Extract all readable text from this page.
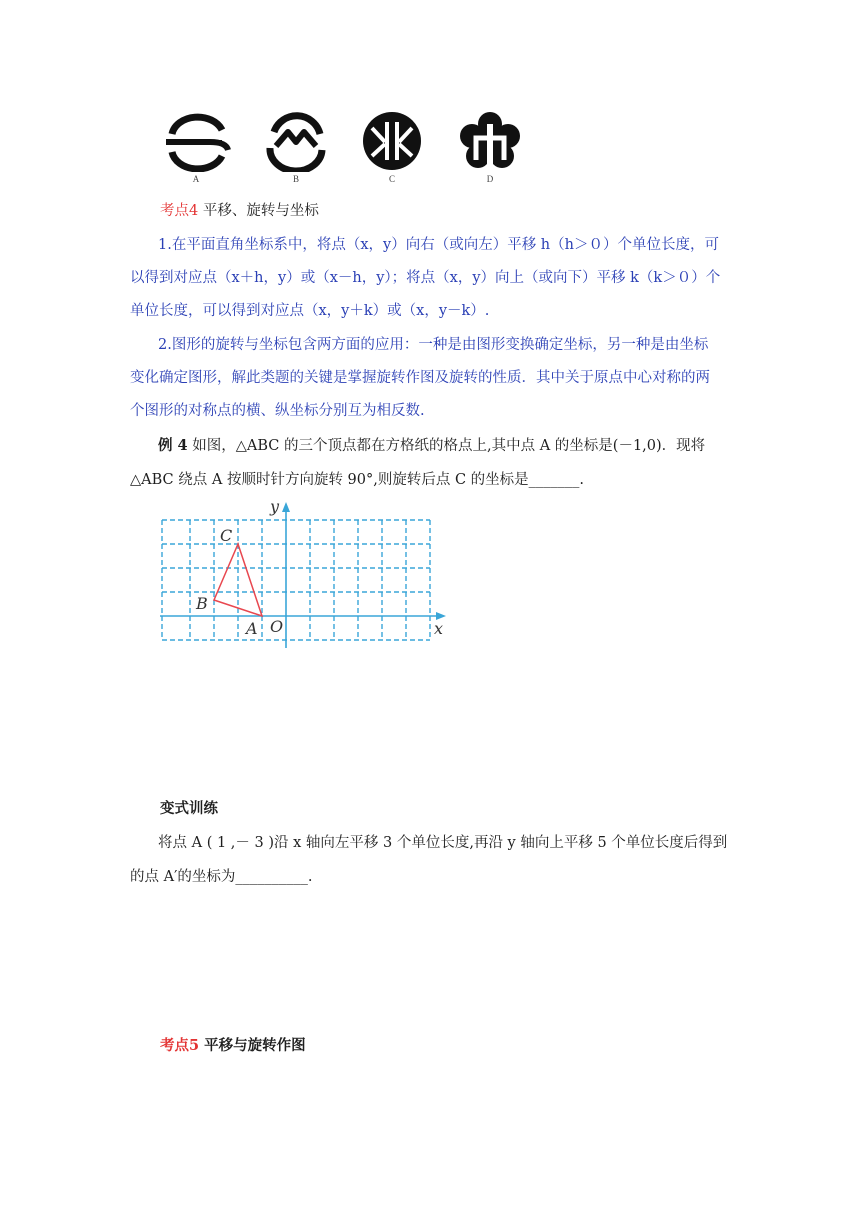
A	B	C	D
考点4 平移、旋转与坐标
1.在平面直角坐标系中，将点（x，y）向右（或向左）平移 h（h＞０）个单位长度，可
以得到对应点（x＋h，y）或（x－h，y）；将点（x，y）向上（或向下）平移 k（k＞０）个
单位长度，可以得到对应点（x，y＋k）或（x，y－k）.
2.图形的旋转与坐标包含两方面的应用：一种是由图形变换确定坐标，另一种是由坐标
变化确定图形，解此类题的关键是掌握旋转作图及旋转的性质．其中关于原点中心对称的两
个图形的对称点的横、纵坐标分别互为相反数.
例 4 如图，△ABC 的三个顶点都在方格纸的格点上,其中点 A 的坐标是(－1,0)．现将
△ABC 绕点 A 按顺时针方向旋转 90°,则旋转后点 C 的坐标是_______.
C
B
A O	x
y
变式训练
将点 A ( 1 ,－ 3 )沿 x 轴向左平移 3 个单位长度,再沿 y 轴向上平移 5 个单位长度后得到
的点 A′的坐标为__________.
考点5 平移与旋转作图
